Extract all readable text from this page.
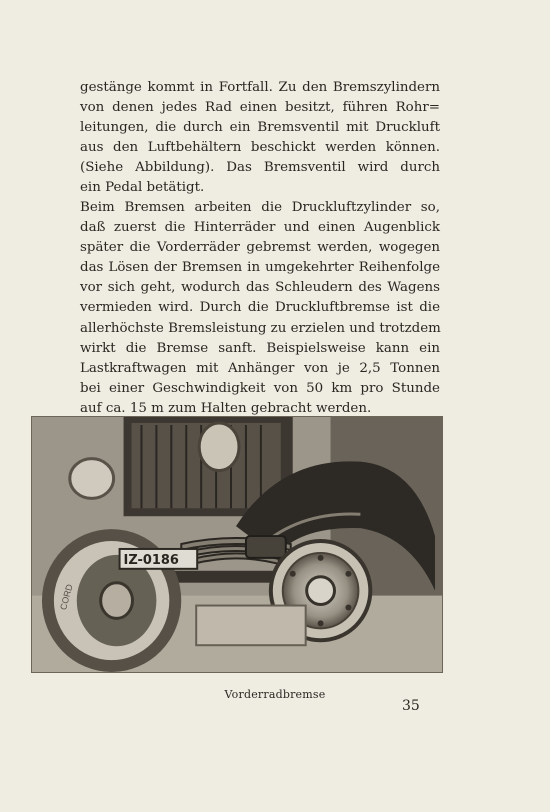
gestänge kommt in Fortfall. Zu den Bremszylindern
von denen jedes Rad einen besitzt, führen Rohr=
leitungen, die durch ein Bremsventil mit Druckluft
aus den Luftbehältern beschickt werden können.
(Siehe Abbildung). Das Bremsventil wird durch
ein Pedal betätigt.
Beim Bremsen arbeiten die Druckluftzylinder so,
daß zuerst die Hinterräder und einen Augenblick
später die Vorderräder gebremst werden, wogegen
das Lösen der Bremsen in umgekehrter Reihenfolge
vor sich geht, wodurch das Schleudern des Wagens
vermieden wird. Durch die Druckluftbremse ist die
allerhöchste Bremsleistung zu erzielen und trotzdem
wirkt die Bremse sanft. Beispielsweise kann ein
Lastkraftwagen mit Anhänger von je 2,5 Tonnen
bei einer Geschwindigkeit von 50 km pro Stunde
auf ca. 15 m zum Halten gebracht werden.
CORD
IZ-0186
Vorderradbremse
35
